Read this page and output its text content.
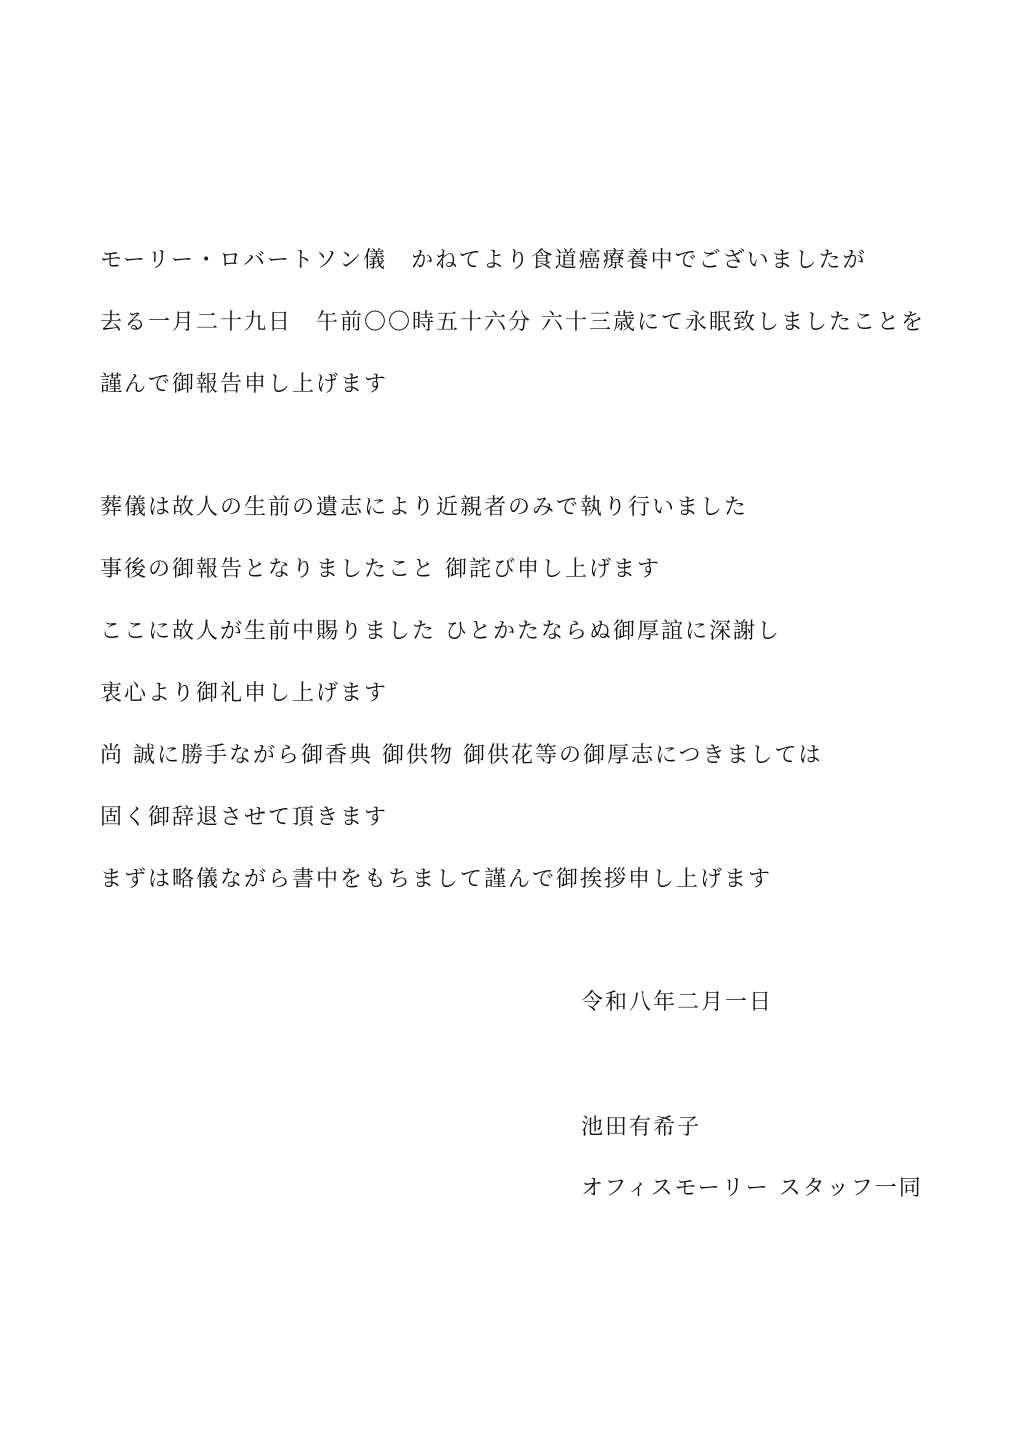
モーリー・ロバートソン儀　かねてより食道癌療養中でございましたが
去る一月二十九日　午前〇〇時五十六分 六十三歳にて永眠致しましたことを
謹んで御報告申し上げます
葬儀は故人の生前の遺志により近親者のみで執り行いました
事後の御報告となりましたこと 御詫び申し上げます
ここに故人が生前中賜りました ひとかたならぬ御厚誼に深謝し
衷心より御礼申し上げます
尚 誠に勝手ながら御香典 御供物 御供花等の御厚志につきましては
固く御辞退させて頂きます
まずは略儀ながら書中をもちまして謹んで御挨拶申し上げます
令和八年二月一日
池田有希子
オフィスモーリー スタッフ一同
